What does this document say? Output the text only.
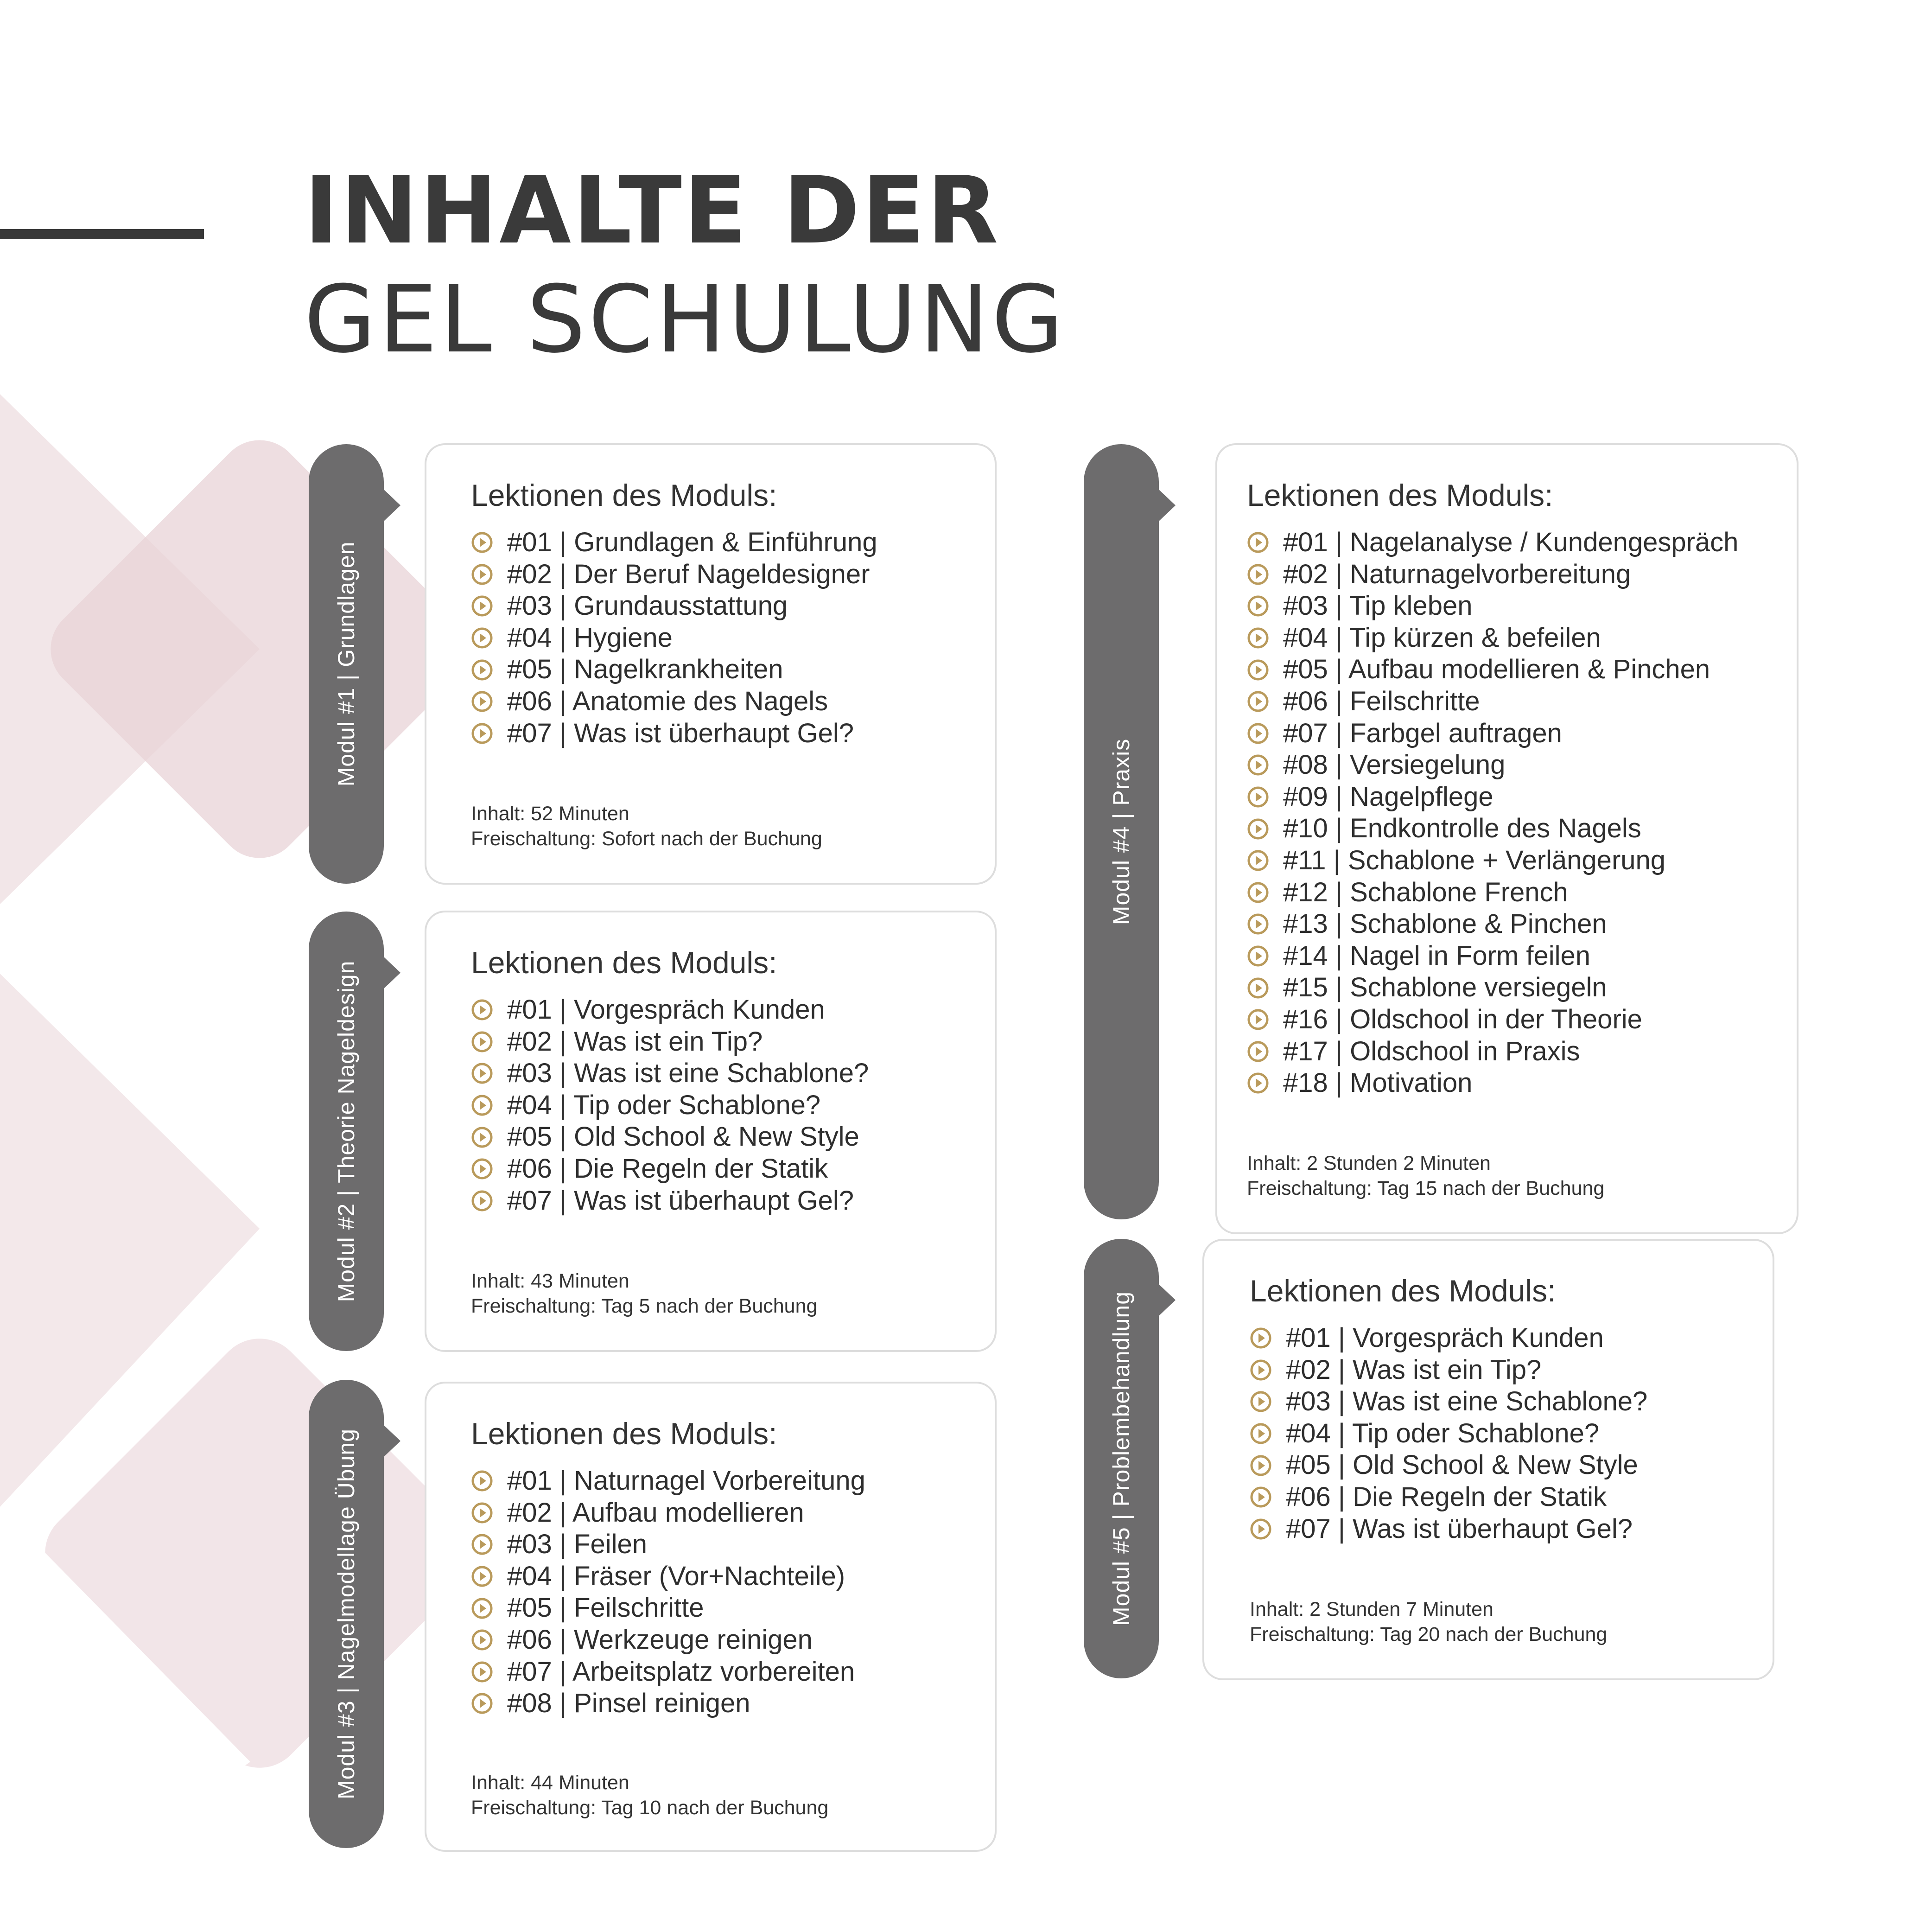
INHALTE DER
GEL SCHULUNG
Modul #1 | Grundlagen
Lektionen des Moduls:
#01 | Grundlagen & Einführung
#02 | Der Beruf Nageldesigner
#03 | Grundausstattung
#04 | Hygiene
#05 | Nagelkrankheiten
#06 | Anatomie des Nagels
#07 | Was ist überhaupt Gel?
Inhalt: 52 Minuten
Freischaltung: Sofort nach der Buchung
Modul #2 | Theorie Nageldesign	Lektionen des Moduls:
#01 | Vorgespräch Kunden
#02 | Was ist ein Tip?
#03 | Was ist eine Schablone?
#04 | Tip oder Schablone?
#05 | Old School & New Style
#06 | Die Regeln der Statik
#07 | Was ist überhaupt Gel?
Inhalt: 43 Minuten
Freischaltung: Tag 5 nach der Buchung
Modul #3 | Nagelmodellage Übung	Lektionen des Moduls:
#01 | Naturnagel Vorbereitung
#02 | Aufbau modellieren
#03 | Feilen
#04 | Fräser (Vor+Nachteile)
#05 | Feilschritte
#06 | Werkzeuge reinigen
#07 | Arbeitsplatz vorbereiten
#08 | Pinsel reinigen
Inhalt: 44 Minuten
Freischaltung: Tag 10 nach der Buchung
Modul #4 | Praxis
Lektionen des Moduls:
#01 | Nagelanalyse / Kundengespräch
#02 | Naturnagelvorbereitung
#03 | Tip kleben
#04 | Tip kürzen & befeilen
#05 | Aufbau modellieren & Pinchen
#06 | Feilschritte
#07 | Farbgel auftragen
#08 | Versiegelung
#09 | Nagelpflege
#10 | Endkontrolle des Nagels
#11 | Schablone + Verlängerung
#12 | Schablone French
#13 | Schablone & Pinchen
#14 | Nagel in Form feilen
#15 | Schablone versiegeln
#16 | Oldschool in der Theorie
#17 | Oldschool in Praxis
#18 | Motivation
Inhalt: 2 Stunden 2 Minuten
Freischaltung: Tag 15 nach der Buchung
Modul #5 | Problembehandlung
Lektionen des Moduls:
#01 | Vorgespräch Kunden
#02 | Was ist ein Tip?
#03 | Was ist eine Schablone?
#04 | Tip oder Schablone?
#05 | Old School & New Style
#06 | Die Regeln der Statik
#07 | Was ist überhaupt Gel?
Inhalt: 2 Stunden 7 Minuten
Freischaltung: Tag 20 nach der Buchung
